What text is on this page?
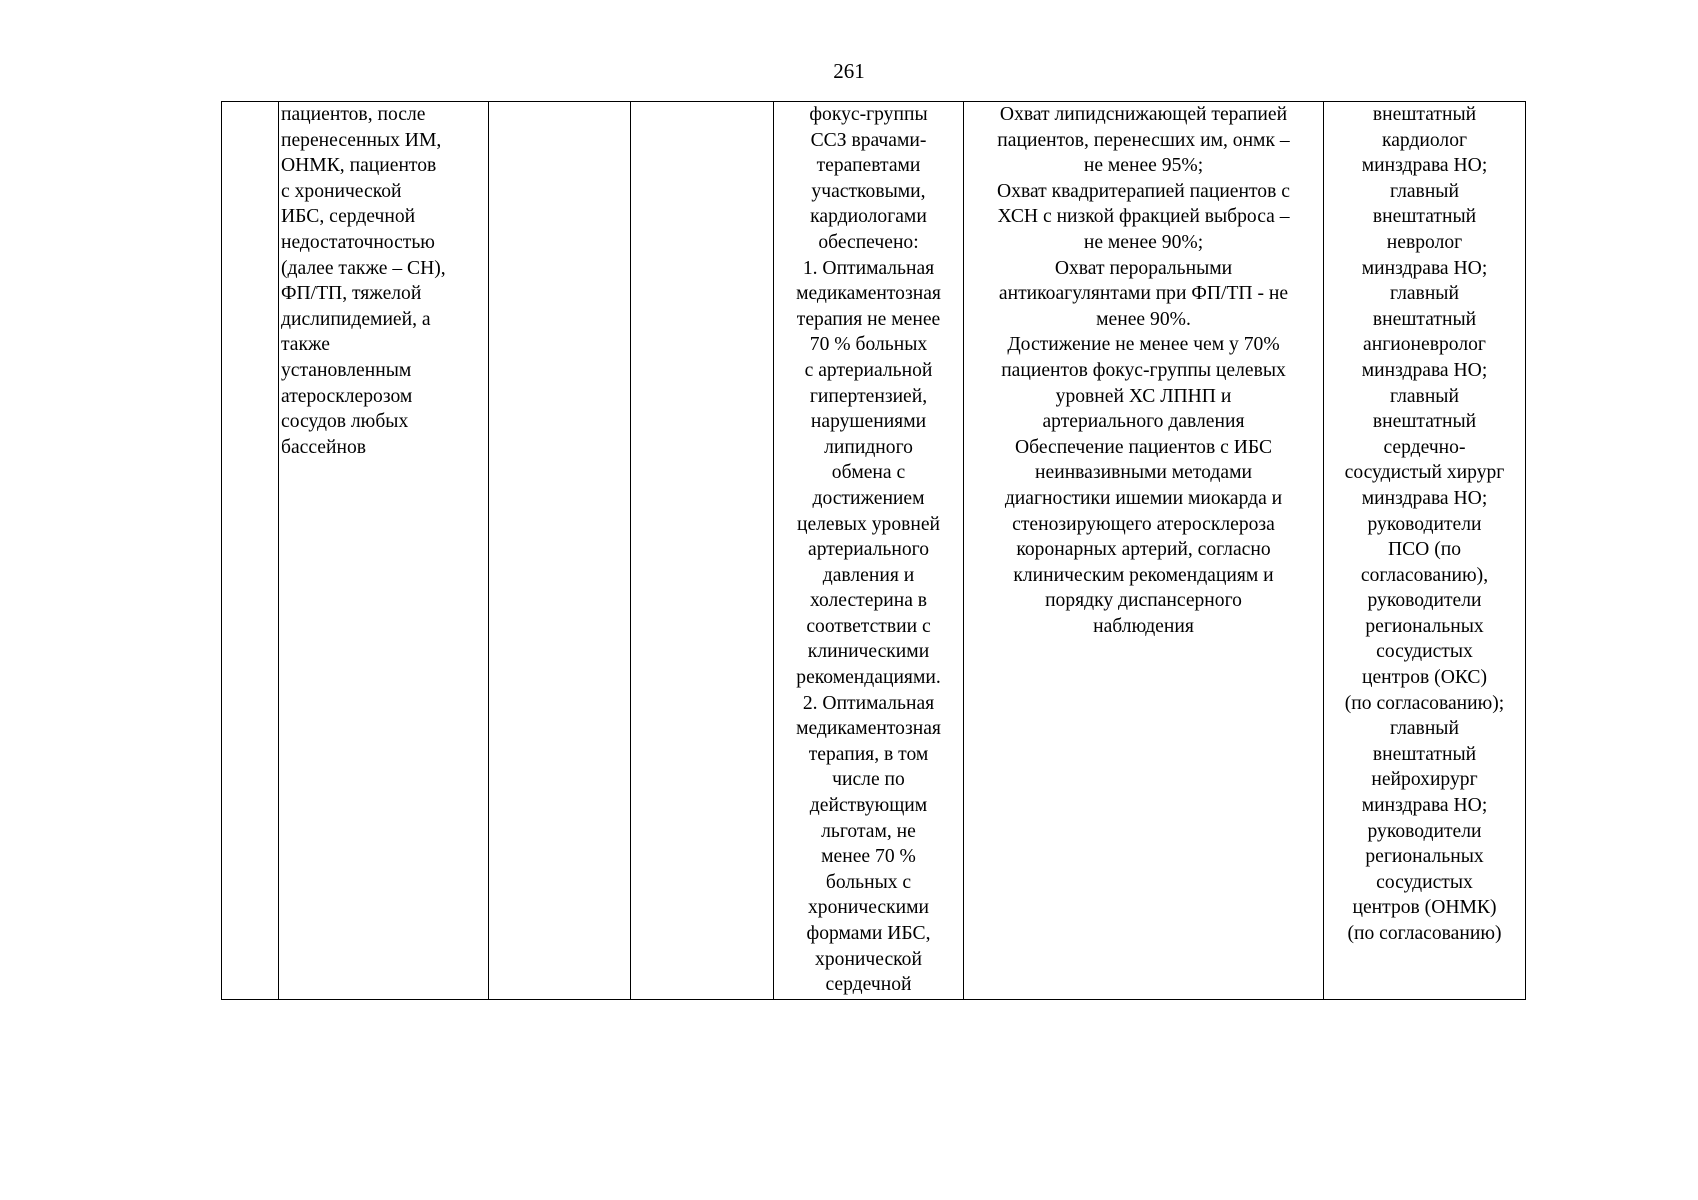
261
	пациентов, после
перенесенных ИМ,
ОНМК, пациентов
с хронической
ИБС, сердечной
недостаточностью
(далее также – СН),
ФП/ТП, тяжелой
дислипидемией, а
также
установленным
атеросклерозом
сосудов любых
бассейнов			фокус-группы
ССЗ врачами-
терапевтами
участковыми,
кардиологами
обеспечено:
1. Оптимальная
медикаментозная
терапия не менее
70 % больных
с артериальной
гипертензией,
нарушениями
липидного
обмена с
достижением
целевых уровней
артериального
давления и
холестерина в
соответствии с
клиническими
рекомендациями.
2. Оптимальная
медикаментозная
терапия, в том
числе по
действующим
льготам, не
менее 70 %
больных с
хроническими
формами ИБС,
хронической
сердечной	Охват липидснижающей терапией
пациентов, перенесших им, онмк –
не менее 95%;
Охват квадритерапией пациентов с
ХСН с низкой фракцией выброса –
не менее 90%;
Охват пероральными
антикоагулянтами при ФП/ТП - не
менее 90%.
Достижение не менее чем у 70%
пациентов фокус-группы целевых
уровней ХС ЛПНП и
артериального давления
Обеспечение пациентов с ИБС
неинвазивными методами
диагностики ишемии миокарда и
стенозирующего атеросклероза
коронарных артерий, согласно
клиническим рекомендациям и
порядку диспансерного
наблюдения	внештатный
кардиолог
минздрава НО;
главный
внештатный
невролог
минздрава НО;
главный
внештатный
ангионевролог
минздрава НО;
главный
внештатный
сердечно-
сосудистый хирург
минздрава НО;
руководители
ПСО (по
согласованию),
руководители
региональных
сосудистых
центров (ОКС)
(по согласованию);
главный
внештатный
нейрохирург
минздрава НО;
руководители
региональных
сосудистых
центров (ОНМК)
(по согласованию)
